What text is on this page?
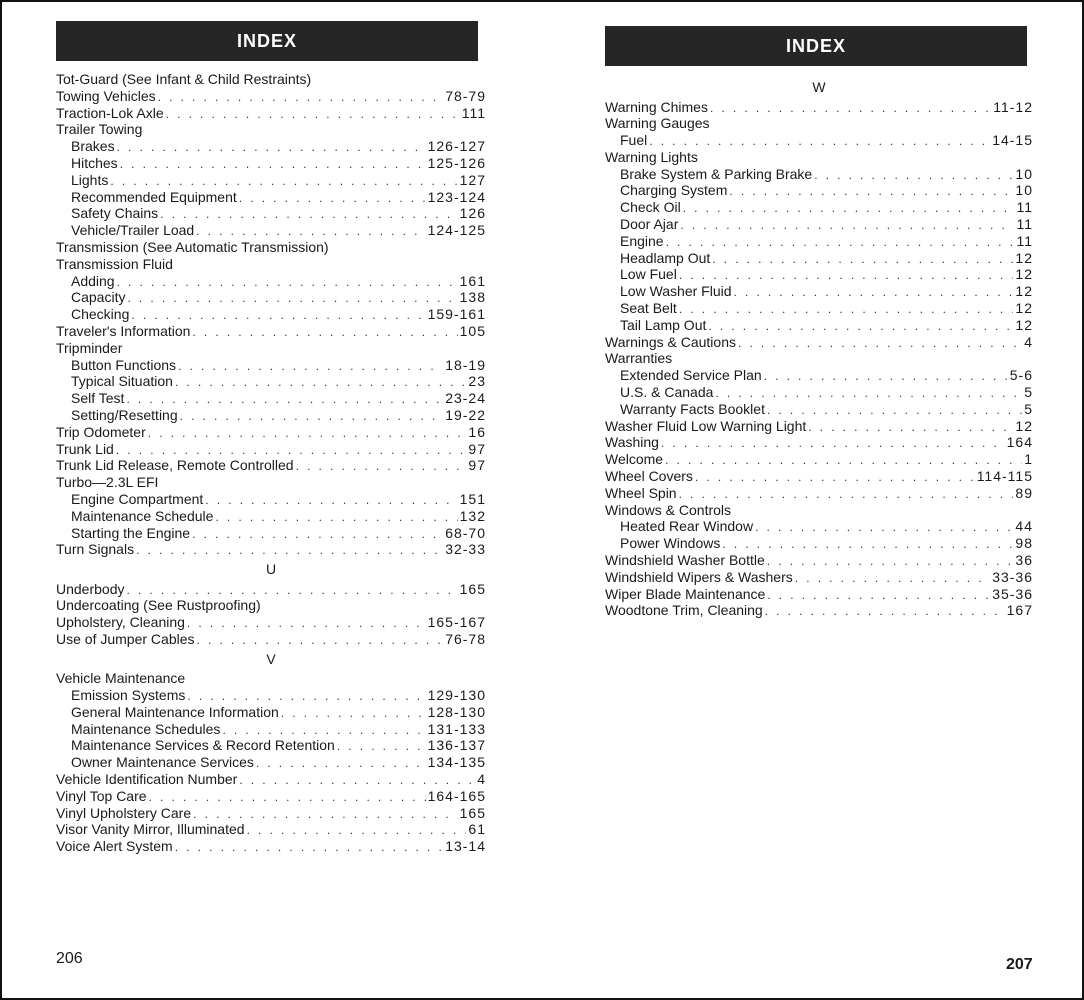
INDEX
Tot-Guard (See Infant & Child Restraints)
Towing Vehicles . . .	78-79
Traction-Lok Axle . . .	111
Trailer Towing
Brakes . . .	126-127
Hitches . . .	125-126
Lights . . .	127
Recommended Equipment . . .	123-124
Safety Chains . . .	126
Vehicle/Trailer Load . . .	124-125
Transmission (See Automatic Transmission)
Transmission Fluid
Adding . . .	161
Capacity . . .	138
Checking . . .	159-161
Traveler's Information . . .	105
Tripminder
Button Functions . . .	18-19
Typical Situation . . .	23
Self Test . . .	23-24
Setting/Resetting . . .	19-22
Trip Odometer . . .	16
Trunk Lid . . .	97
Trunk Lid Release, Remote Controlled . . .	97
Turbo—2.3L EFI
Engine Compartment . . .	151
Maintenance Schedule . . .	132
Starting the Engine . . .	68-70
Turn Signals . . .	32-33
U
Underbody . . .	165
Undercoating (See Rustproofing)
Upholstery, Cleaning . . .	165-167
Use of Jumper Cables . . .	76-78
V
Vehicle Maintenance
Emission Systems . . .	129-130
General Maintenance Information . . .	128-130
Maintenance Schedules . . .	131-133
Maintenance Services & Record Retention . . .	136-137
Owner Maintenance Services . . .	134-135
Vehicle Identification Number . . .	4
Vinyl Top Care . . .	164-165
Vinyl Upholstery Care . . .	165
Visor Vanity Mirror, Illuminated . . .	61
Voice Alert System . . .	13-14
INDEX
W
Warning Chimes . . .	11-12
Warning Gauges
Fuel . . .	14-15
Warning Lights
Brake System & Parking Brake . . .	10
Charging System . . .	10
Check Oil . . .	11
Door Ajar . . .	11
Engine . . .	11
Headlamp Out . . .	12
Low Fuel . . .	12
Low Washer Fluid . . .	12
Seat Belt . . .	12
Tail Lamp Out . . .	12
Warnings & Cautions . . .	4
Warranties
Extended Service Plan . . .	5-6
U.S. & Canada . . .	5
Warranty Facts Booklet . . .	5
Washer Fluid Low Warning Light . . .	12
Washing . . .	164
Welcome . . .	1
Wheel Covers . . .	114-115
Wheel Spin . . .	89
Windows & Controls
Heated Rear Window . . .	44
Power Windows . . .	98
Windshield Washer Bottle . . .	36
Windshield Wipers & Washers . . .	33-36
Wiper Blade Maintenance . . .	35-36
Woodtone Trim, Cleaning . . .	167
206	207
